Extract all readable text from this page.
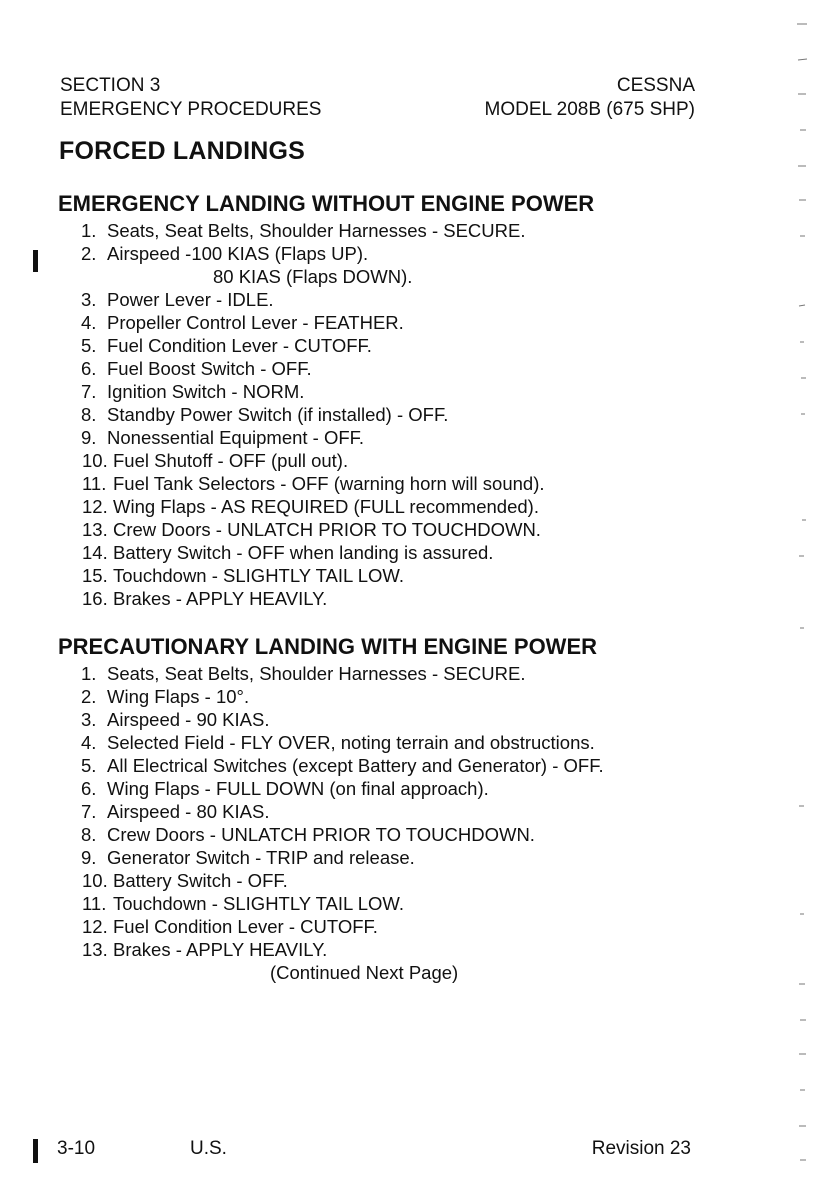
SECTION 3
EMERGENCY PROCEDURES
CESSNA
MODEL 208B (675 SHP)
FORCED LANDINGS
EMERGENCY LANDING WITHOUT ENGINE POWER
1. Seats, Seat Belts, Shoulder Harnesses - SECURE.
2. Airspeed -100 KIAS (Flaps UP).
80 KIAS (Flaps DOWN).
3. Power Lever - IDLE.
4. Propeller Control Lever - FEATHER.
5. Fuel Condition Lever - CUTOFF.
6. Fuel Boost Switch - OFF.
7. Ignition Switch - NORM.
8. Standby Power Switch (if installed) - OFF.
9. Nonessential Equipment - OFF.
10. Fuel Shutoff - OFF (pull out).
11. Fuel Tank Selectors - OFF (warning horn will sound).
12. Wing Flaps - AS REQUIRED (FULL recommended).
13. Crew Doors - UNLATCH PRIOR TO TOUCHDOWN.
14. Battery Switch - OFF when landing is assured.
15. Touchdown - SLIGHTLY TAIL LOW.
16. Brakes - APPLY HEAVILY.
PRECAUTIONARY LANDING WITH ENGINE POWER
1. Seats, Seat Belts, Shoulder Harnesses - SECURE.
2. Wing Flaps - 10°.
3. Airspeed - 90 KIAS.
4. Selected Field - FLY OVER, noting terrain and obstructions.
5. All Electrical Switches (except Battery and Generator) - OFF.
6. Wing Flaps - FULL DOWN (on final approach).
7. Airspeed - 80 KIAS.
8. Crew Doors - UNLATCH PRIOR TO TOUCHDOWN.
9. Generator Switch - TRIP and release.
10. Battery Switch - OFF.
11. Touchdown - SLIGHTLY TAIL LOW.
12. Fuel Condition Lever - CUTOFF.
13. Brakes - APPLY HEAVILY.
(Continued Next Page)
3-10	U.S.	Revision 23
